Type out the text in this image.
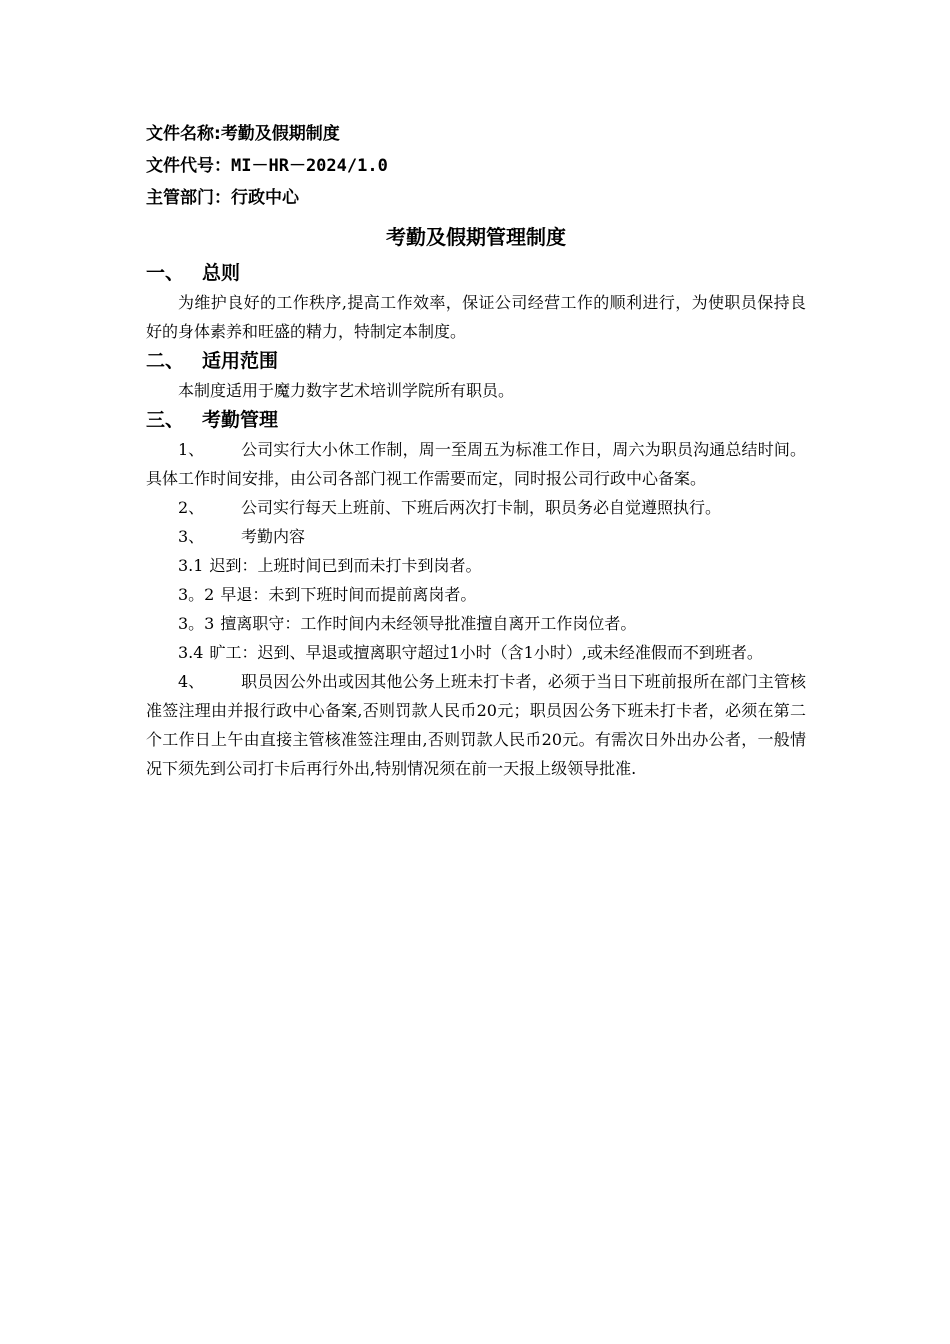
文件名称:考勤及假期制度
文件代号：MI－HR－2024/1.0
主管部门：行政中心
考勤及假期管理制度
一、 总则
为维护良好的工作秩序,提高工作效率，保证公司经营工作的顺利进行，为使职员保持良好的身体素养和旺盛的精力，特制定本制度。
二、 适用范围
本制度适用于魔力数字艺术培训学院所有职员。
三、 考勤管理
1、 公司实行大小休工作制，周一至周五为标准工作日，周六为职员沟通总结时间。具体工作时间安排，由公司各部门视工作需要而定，同时报公司行政中心备案。
2、 公司实行每天上班前、下班后两次打卡制，职员务必自觉遵照执行。
3、 考勤内容
3.1 迟到：上班时间已到而未打卡到岗者。
3。2 早退：未到下班时间而提前离岗者。
3。3 擅离职守：工作时间内未经领导批准擅自离开工作岗位者。
3.4 旷工：迟到、早退或擅离职守超过1小时（含1小时）,或未经准假而不到班者。
4、 职员因公外出或因其他公务上班未打卡者，必须于当日下班前报所在部门主管核准签注理由并报行政中心备案,否则罚款人民币20元；职员因公务下班未打卡者，必须在第二个工作日上午由直接主管核准签注理由,否则罚款人民币20元。有需次日外出办公者，一般情况下须先到公司打卡后再行外出,特别情况须在前一天报上级领导批准.
